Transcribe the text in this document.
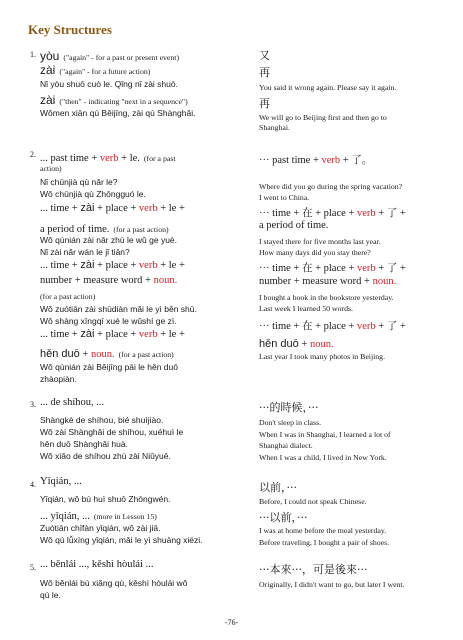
Key Structures
1. yòu ("again" - for a past or present event)
zài ("again" - for a future action)
Nǐ yòu shuō cuò le. Qǐng nǐ zài shuō.
zài ("then" - indicating "next in a sequence")
Wǒmen xiān qù Běijīng, zài qù Shànghǎi.
又
再
You said it wrong again. Please say it again.
再
We will go to Beijing first and then go to
Shanghai.
2. ... past time + verb + le. (for a past
action)
Nǐ chūnjià qù nǎr le?
Wǒ chūnjià qù Zhōngguó le.
... time + zài + place + verb + le +
a period of time. (for a past action)
Wǒ qùnián zài nǎr zhù le wǔ ge yuè.
Nǐ zài nǎr wán le jǐ tiān?
... time + zài + place + verb + le +
number + measure word + noun.
(for a past action)
Wǒ zuótiān zài shūdiàn mǎi le yì běn shū.
Wǒ shàng xīngqī xué le wǔshí ge zì.
... time + zài + place + verb + le +
hěn duō + noun. (for a past action)
Wǒ qùnián zài Běijīng pāi le hěn duō
zhàopiàn.
··· past time + verb + 了。
Where did you go during the spring vacation?
I went to China.
··· time + 在 + place + verb + 了 +
a period of time.
I stayed there for five months last year.
How many days did you stay there?
··· time + 在 + place + verb + 了 +
number + measure word + noun.
I bought a book in the bookstore yesterday.
Last week I learned 50 words.
··· time + 在 + place + verb + 了 +
hěn duō + noun.
Last year I took many photos in Beijing.
3. ... de shíhou, ...
Shàngkè de shíhou, bié shuìjiào.
Wǒ zài Shànghǎi de shíhou, xuéhuì le
hěn duō Shànghǎi huà.
Wǒ xiǎo de shíhou zhù zài Niǔyuē.
···的時候，···
Don't sleep in class.
When I was in Shanghai, I learned a lot of
Shanghai dialect.
When I was a child, I lived in New York.
4. Yǐqián, ...
Yǐqián, wǒ bú huì shuō Zhōngwén.
... yǐqián, ... (more in Lesson 15)
Zuótiān chīfàn yǐqián, wǒ zài jiā.
Wǒ qù lǚxíng yǐqián, mǎi le yì shuāng xiézi.
以前，···
Before, I could not speak Chinese.
···以前，···
I was at home before the meal yesterday.
Before traveling, I bought a pair of shoes.
5. ... běnlái ..., kěshì hòulái ...
Wǒ běnlái bù xiǎng qù, kěshì hòulái wǒ
qù le.
···本來···，可是後來···
Originally, I didn't want to go, but later I went.
-76-
